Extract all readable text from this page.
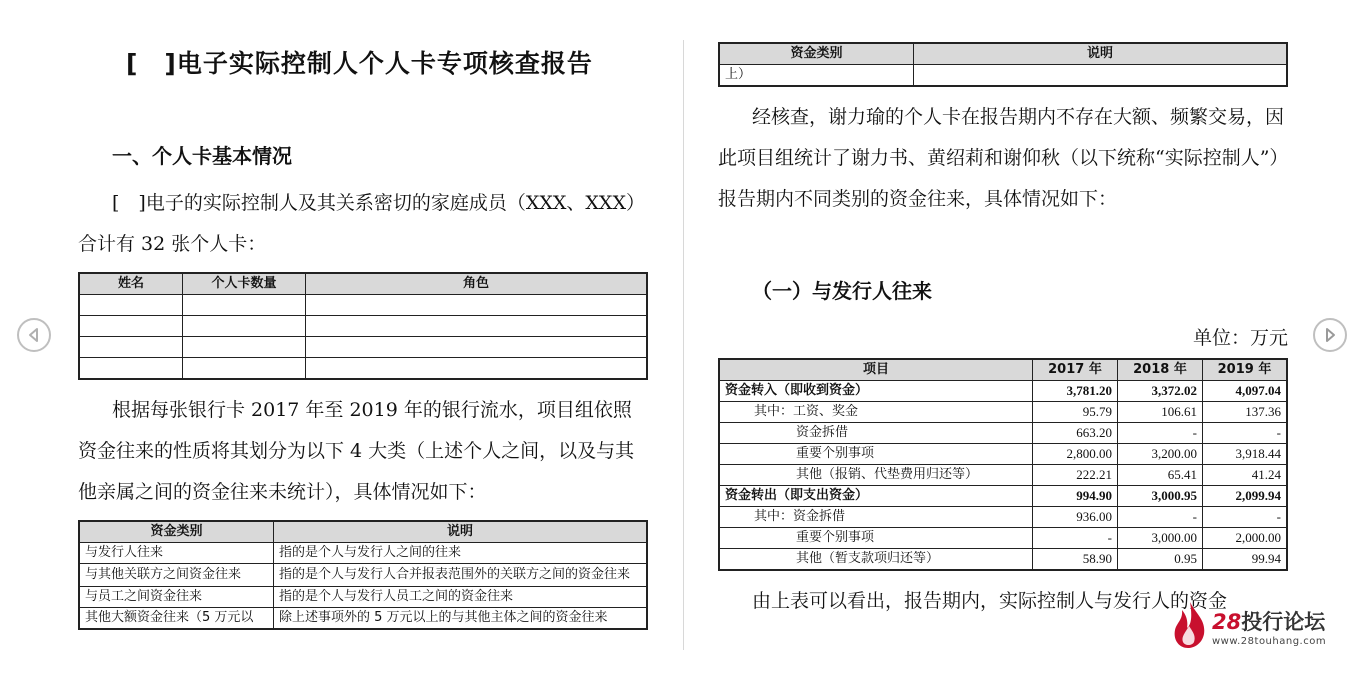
[　]电子实际控制人个人卡专项核查报告
一、个人卡基本情况

[　]电子的实际控制人及其关系密切的家庭成员（XXX、XXX）合计有 32 张个人卡：

姓名	个人卡数量	角色

根据每张银行卡 2017 年至 2019 年的银行流水，项目组依照资金往来的性质将其划分为以下 4 大类（上述个人之间，以及与其他亲属之间的资金往来未统计），具体情况如下：

资金类别	说明
与发行人往来	指的是个人与发行人之间的往来
与其他关联方之间资金往来	指的是个人与发行人合并报表范围外的关联方之间的资金往来
与员工之间资金往来	指的是个人与发行人员工之间的资金往来
其他大额资金往来（5 万元以	除上述事项外的 5 万元以上的与其他主体之间的资金往来
资金类别	说明
上）	

经核查，谢力瑜的个人卡在报告期内不存在大额、频繁交易，因此项目组统计了谢力书、黄绍莉和谢仰秋（以下统称“实际控制人”）报告期内不同类别的资金往来，具体情况如下：

（一）与发行人往来
单位：万元
项目	2017 年	2018 年	2019 年
资金转入（即收到资金）	3,781.20	3,372.02	4,097.04
其中：工资、奖金	95.79	106.61	137.36
资金拆借	663.20	-	-
重要个别事项	2,800.00	3,200.00	3,918.44
其他（报销、代垫费用归还等）	222.21	65.41	41.24
资金转出（即支出资金）	994.90	3,000.95	2,099.94
其中：资金拆借	936.00	-	-
重要个别事项	-	3,000.00	2,000.00
其他（暂支款项归还等）	58.90	0.95	99.94

由上表可以看出，报告期内，实际控制人与发行人的资金

28投行论坛
www.28touhang.com
